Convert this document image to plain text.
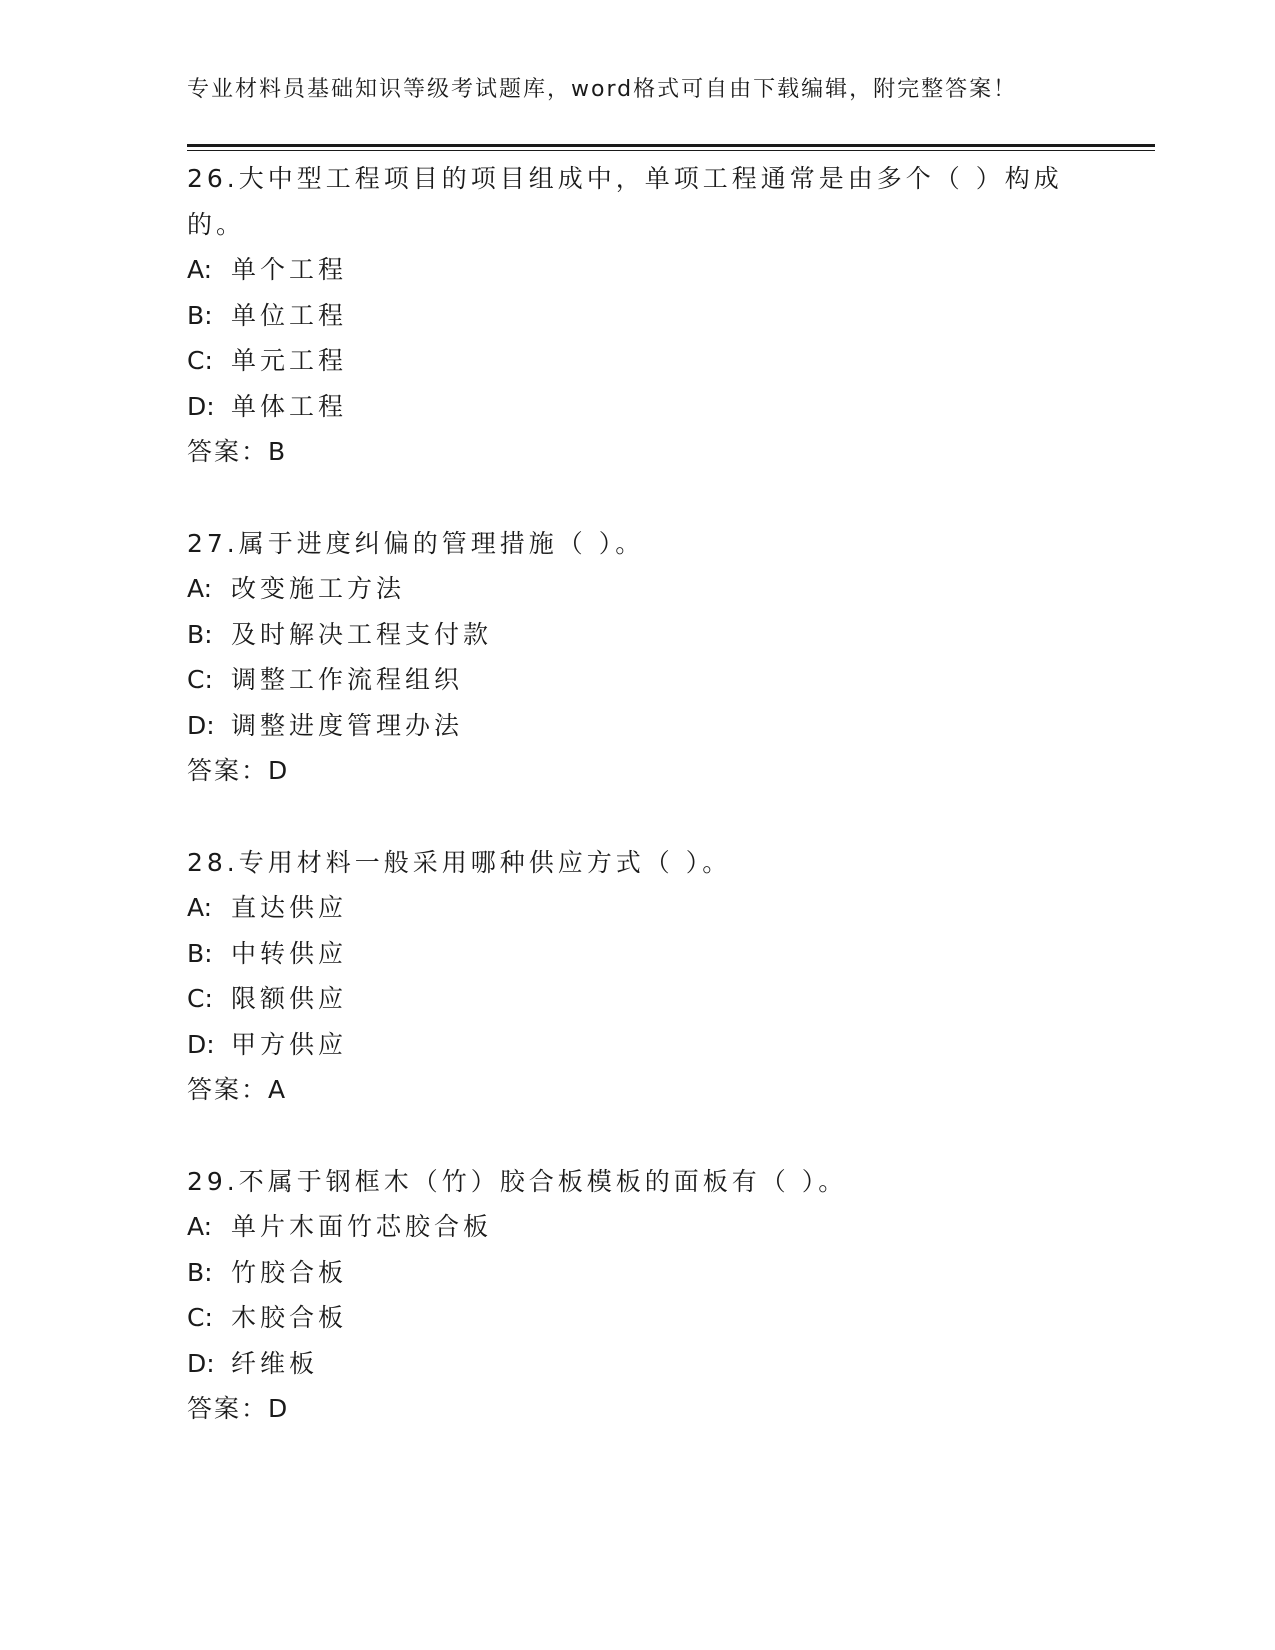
专业材料员基础知识等级考试题库，word格式可自由下载编辑，附完整答案！
26.大中型工程项目的项目组成中，单项工程通常是由多个（ ）构成
的。
A: 单个工程
B: 单位工程
C: 单元工程
D: 单体工程
答案：B
27.属于进度纠偏的管理措施（ ）。
A: 改变施工方法
B: 及时解决工程支付款
C: 调整工作流程组织
D: 调整进度管理办法
答案：D
28.专用材料一般采用哪种供应方式（ ）。
A: 直达供应
B: 中转供应
C: 限额供应
D: 甲方供应
答案：A
29.不属于钢框木（竹）胶合板模板的面板有（ ）。
A: 单片木面竹芯胶合板
B: 竹胶合板
C: 木胶合板
D: 纤维板
答案：D
